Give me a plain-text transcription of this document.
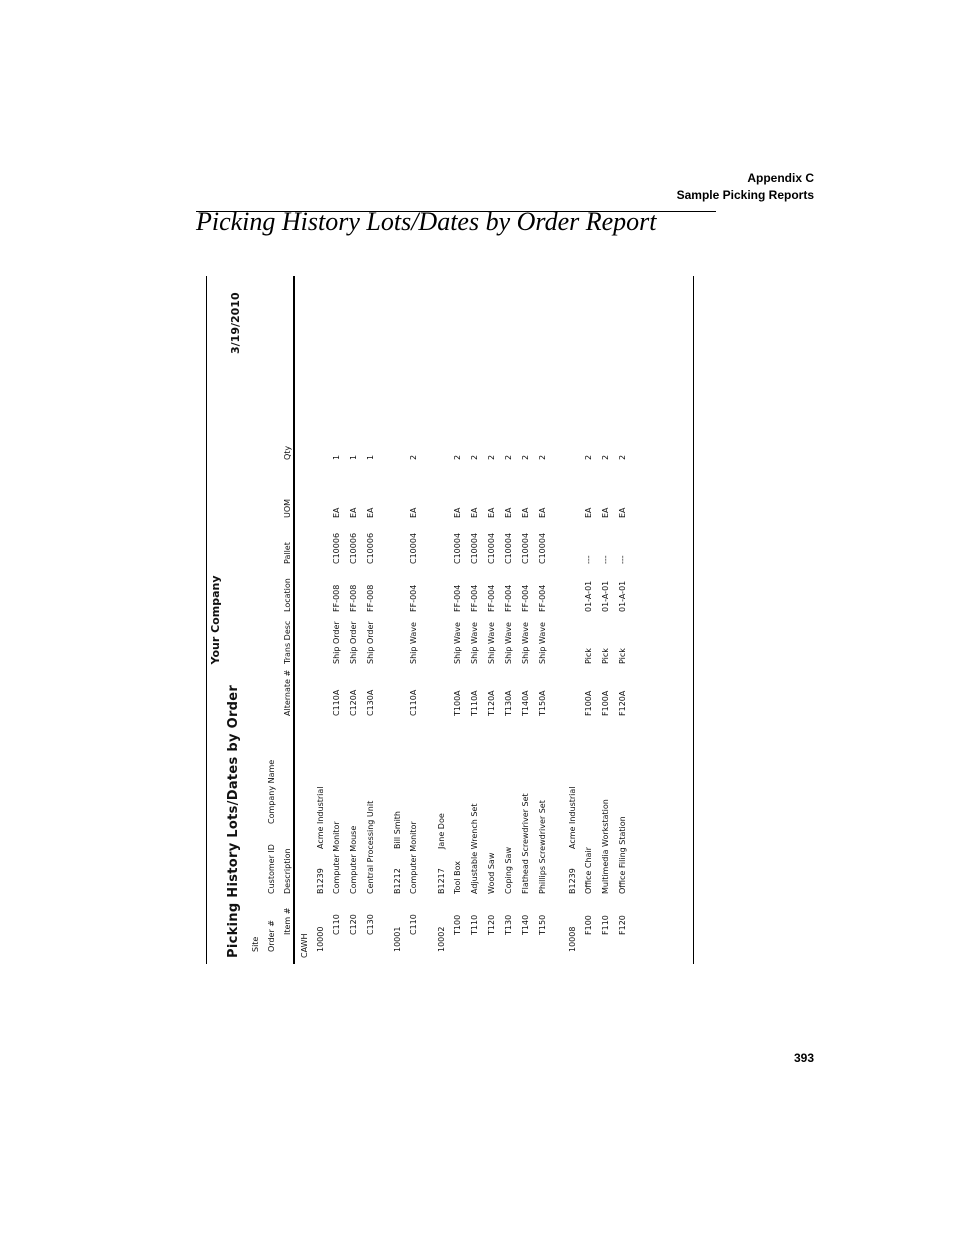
Appendix C
Sample Picking Reports
Picking History Lots/Dates by Order Report
393
Your Company
Picking History Lots/Dates by Order
3/19/2010
Site Order # Item #
Customer ID
Company Name
Description
Alternate #
Trans Desc
Location
Pallet
UOM
Qty
CAWH 10000
B1239
Acme Industrial
C110
Computer Monitor
C110A
Ship Order
FF-008
C10006
EA
1
C120
Computer Mouse
C120A
Ship Order
FF-008
C10006
EA
1
C130
Central Processing Unit
C130A
Ship Order
FF-008
C10006
EA
1
10001
B1212
Bill Smith
C110
Computer Monitor
C110A
Ship Wave
FF-004
C10004
EA
2
10002
B1217
Jane Doe
T100
Tool Box
T100A
Ship Wave
FF-004
C10004
EA
2
T110
Adjustable Wrench Set
T110A
Ship Wave
FF-004
C10004
EA
2
T120
Wood Saw
T120A
Ship Wave
FF-004
C10004
EA
2
T130
Coping Saw
T130A
Ship Wave
FF-004
C10004
EA
2
T140
Flathead Screwdriver Set
T140A
Ship Wave
FF-004
C10004
EA
2
T150
Phillips Screwdriver Set
T150A
Ship Wave
FF-004
C10004
EA
2
10008
B1239
Acme Industrial
F100
Office Chair
F100A
Pick
01-A-01
---
EA
2
F110
Multimedia Workstation
F100A
Pick
01-A-01
---
EA
2
F120
Office Filing Station
F120A
Pick
01-A-01
---
EA
2
